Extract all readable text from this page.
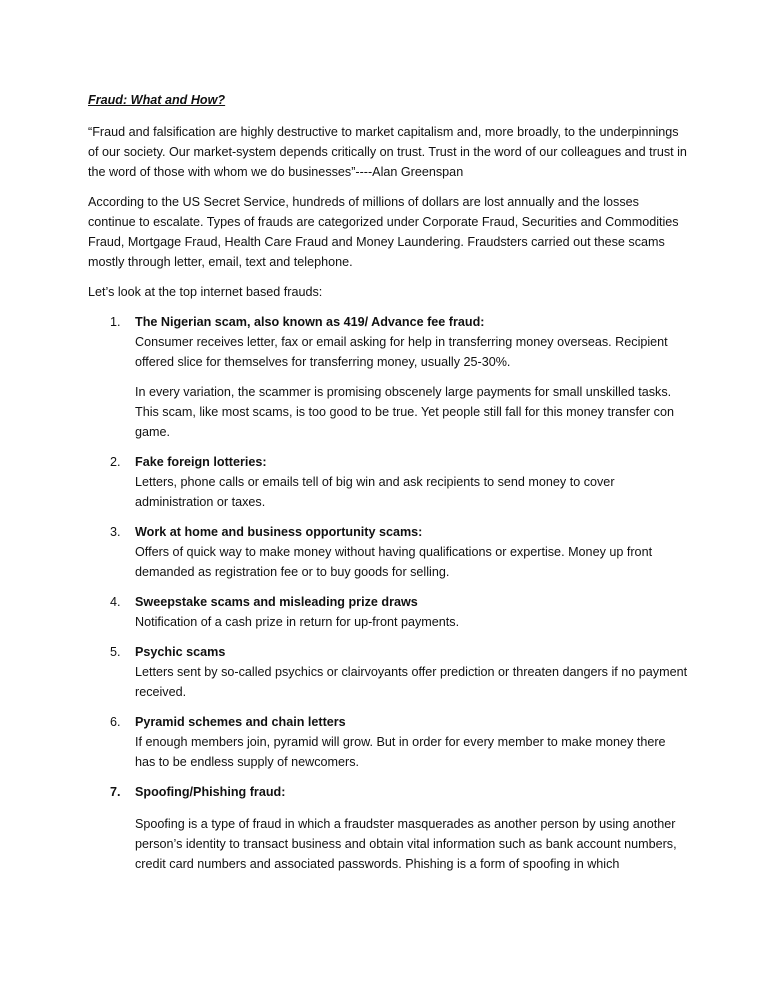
Fraud: What and How?
“Fraud and falsification are highly destructive to market capitalism and, more broadly, to the underpinnings of our society. Our market-system depends critically on trust. Trust in the word of our colleagues and trust in the word of those with whom we do businesses”----Alan Greenspan
According to the US Secret Service, hundreds of millions of dollars are lost annually and the losses continue to escalate. Types of frauds are categorized under Corporate Fraud, Securities and Commodities Fraud, Mortgage Fraud, Health Care Fraud and Money Laundering. Fraudsters carried out these scams mostly through letter, email, text and telephone.
Let’s look at the top internet based frauds:
1. The Nigerian scam, also known as 419/ Advance fee fraud:
Consumer receives letter, fax or email asking for help in transferring money overseas. Recipient offered slice for themselves for transferring money, usually 25-30%.
In every variation, the scammer is promising obscenely large payments for small unskilled tasks. This scam, like most scams, is too good to be true. Yet people still fall for this money transfer con game.
2. Fake foreign lotteries:
Letters, phone calls or emails tell of big win and ask recipients to send money to cover administration or taxes.
3. Work at home and business opportunity scams:
Offers of quick way to make money without having qualifications or expertise. Money up front demanded as registration fee or to buy goods for selling.
4. Sweepstake scams and misleading prize draws
Notification of a cash prize in return for up-front payments.
5. Psychic scams
Letters sent by so-called psychics or clairvoyants offer prediction or threaten dangers if no payment received.
6. Pyramid schemes and chain letters
If enough members join, pyramid will grow. But in order for every member to make money there has to be endless supply of newcomers.
7. Spoofing/Phishing fraud:
Spoofing is a type of fraud in which a fraudster masquerades as another person by using another person’s identity to transact business and obtain vital information such as bank account numbers, credit card numbers and associated passwords. Phishing is a form of spoofing in which
